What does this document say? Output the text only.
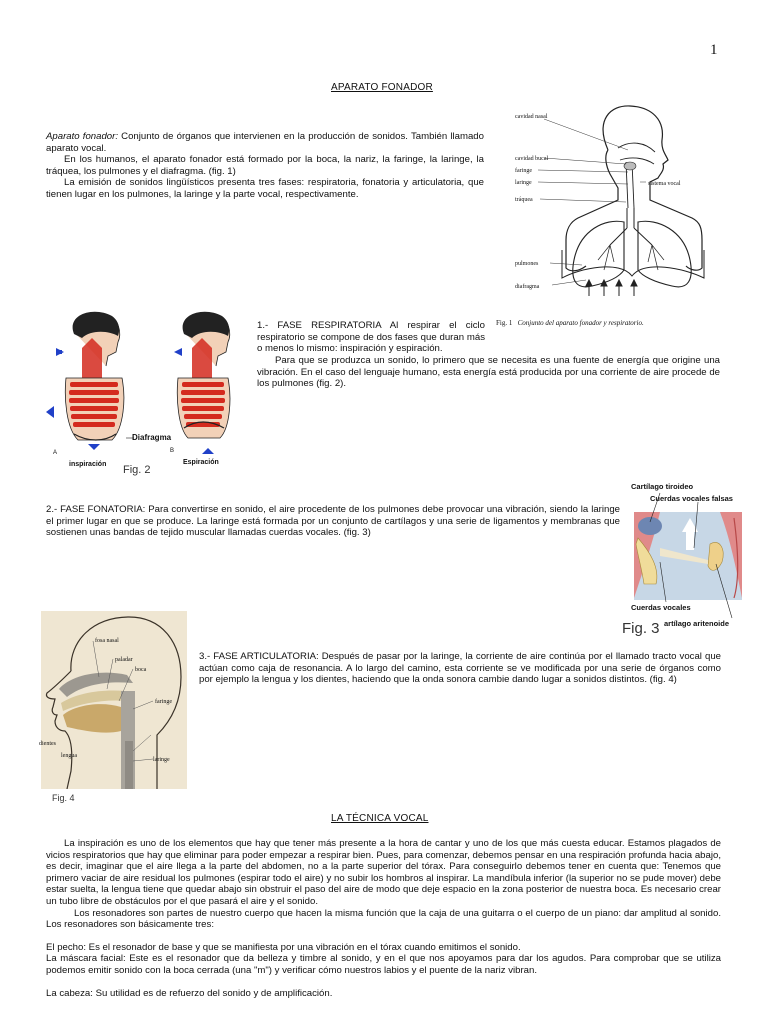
1
APARATO FONADOR

Aparato fonador: Conjunto de órganos que intervienen en la producción de sonidos. También llamado aparato vocal.

En los humanos, el aparato fonador está formado por la boca, la nariz, la faringe, la laringe, la tráquea, los pulmones y el diafragma. (fig. 1)

La emisión de sonidos lingüísticos presenta tres fases: respiratoria, fonatoria y articulatoria, que tienen lugar en los pulmones, la laringe y la parte vocal, respectivamente.

cavidad nasal
cavidad bucal
faringe
laringe
tráquea
pulmones
diafragma
sistema vocal
Fig. 1 Conjunto del aparato fonador y respiratorio.
Diafragma
inspiración	Espiración
A	B
Fig. 2

1.- FASE RESPIRATORIA Al respirar el ciclo respiratorio se compone de dos fases que duran más o menos lo mismo: inspiración y espiración.

Para que se produzca un sonido, lo primero que se necesita es una fuente de energía que origine una vibración. En el caso del lenguaje humano, esta energía está producida por una corriente de aire procede de los pulmones (fig. 2).

2.- FASE FONATORIA: Para convertirse en sonido, el aire procedente de los pulmones debe provocar una vibración, siendo la laringe el primer lugar en que se produce. La laringe está formada por un conjunto de cartílagos y una serie de ligamentos y membranas que sostienen unas bandas de tejido muscular llamadas cuerdas vocales. (fig. 3)

Cartílago tiroideo
Cuerdas vocales falsas
Cuerdas vocales
artílago aritenoide
Fig. 3
fosa nasal
paladar
boca
faringe
dientes
lengua
laringe
Fig. 4

3.- FASE ARTICULATORIA: Después de pasar por la laringe, la corriente de aire continúa por el llamado tracto vocal que actúan como caja de resonancia. A lo largo del camino, esta corriente se ve modificada por una serie de órganos como por ejemplo la lengua y los dientes, haciendo que la onda sonora cambie dando lugar a sonidos distintos. (fig. 4)

LA TÉCNICA VOCAL

La inspiración es uno de los elementos que hay que tener más presente a la hora de cantar y uno de los que más cuesta educar. Estamos plagados de vicios respiratorios que hay que eliminar para poder empezar a respirar bien. Pues, para comenzar, debemos pensar en una respiración profunda hacia abajo, es decir, imaginar que el aire llega a la parte del abdomen, no a la parte superior del tórax. Para conseguirlo debemos tener en cuenta que: Tenemos que primero vaciar de aire residual los pulmones (espirar todo el aire) y no subir los hombros al inspirar. La mandíbula inferior (la superior no se pude mover) debe estar suelta, la lengua tiene que quedar abajo sin obstruir el paso del aire de modo que deje espacio en la zona posterior de nuestra boca. Es necesario crear un tubo libre de obstáculos por el que pasará el aire y el sonido.

Los resonadores son partes de nuestro cuerpo que hacen la misma función que la caja de una guitarra o el cuerpo de un piano: dar amplitud al sonido. Los resonadores son básicamente tres:

El pecho: Es el resonador de base y que se manifiesta por una vibración en el tórax cuando emitimos el sonido.

La máscara facial: Este es el resonador que da belleza y timbre al sonido, y en el que nos apoyamos para dar los agudos. Para comprobar que se utiliza podemos emitir sonido con la boca cerrada (una "m") y verificar cómo nuestros labios y el puente de la nariz vibran.

La cabeza: Su utilidad es de refuerzo del sonido y de amplificación.
